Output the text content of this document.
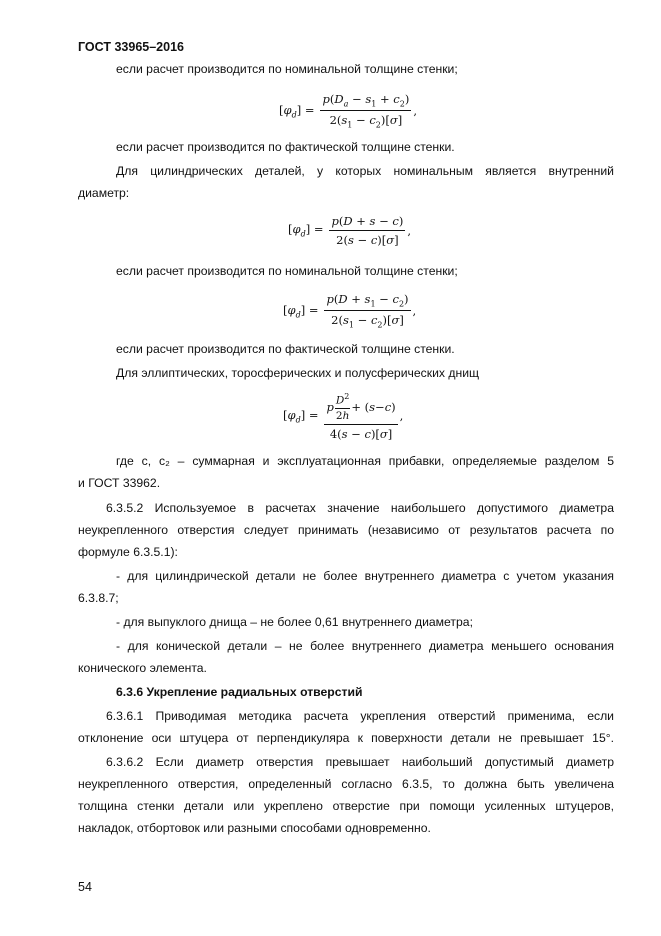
ГОСТ 33965–2016
если расчет производится по номинальной толщине стенки;
$[\varphi_d] = \frac{p(D_a - s_1 + c_2)}{2(s_1 - c_2)[\sigma]}$ ,
если расчет производится по фактической толщине стенки.
Для цилиндрических деталей, у которых номинальным является внутренний
диаметр:
$[\varphi_d] = \frac{p(D + s - c)}{2(s - c)[\sigma]}$ ,
если расчет производится по номинальной толщине стенки;
$[\varphi_d] = \frac{p(D + s_1 - c_2)}{2(s_1 - c_2)[\sigma]}$ ,
если расчет производится по фактической толщине стенки.
Для эллиптических, торосферических и полусферических днищ
$[\varphi_d] = \frac{p \frac{D^2}{2h} + ( s - c )}{4(s - c)[\sigma]}$ ,
где c, c₂ – суммарная и эксплуатационная прибавки, определяемые разделом 5
и ГОСТ 33962.
6.3.5.2 Используемое в расчетах значение наибольшего допустимого диаметра
неукрепленного отверстия следует принимать (независимо от результатов расчета по
формуле 6.3.5.1):
- для цилиндрической детали не более внутреннего диаметра с учетом указания
6.3.8.7;
- для выпуклого днища – не более 0,61 внутреннего диаметра;
- для конической детали – не более внутреннего диаметра меньшего основания
конического элемента.
6.3.6 Укрепление радиальных отверстий
6.3.6.1 Приводимая методика расчета укрепления отверстий применима, если
отклонение оси штуцера от перпендикуляра к поверхности детали не превышает 15°.
6.3.6.2 Если диаметр отверстия превышает наибольший допустимый диаметр
неукрепленного отверстия, определенный согласно 6.3.5, то должна быть увеличена
толщина стенки детали или укреплено отверстие при помощи усиленных штуцеров,
накладок, отбортовок или разными способами одновременно.
54
